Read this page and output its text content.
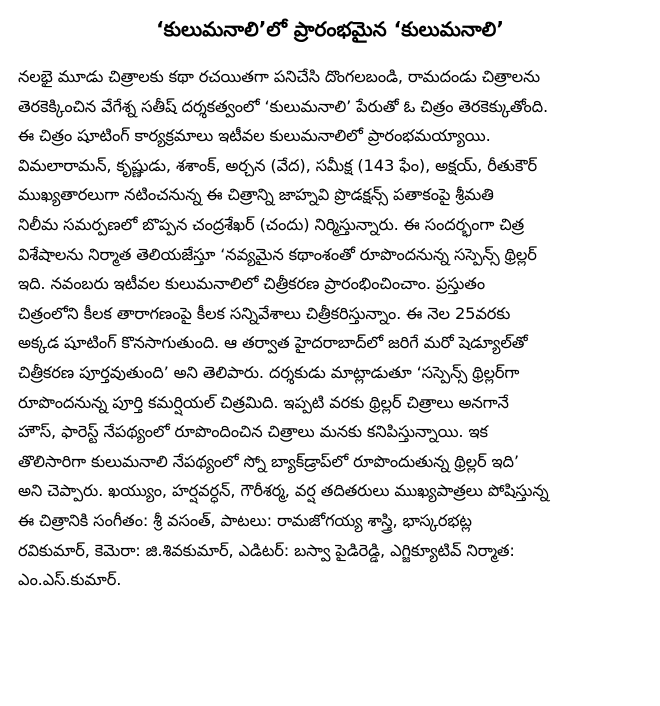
‘కులుమనాలి’లో ప్రారంభమైన ‘కులుమనాలి’
నలభై మూడు చిత్రాలకు కథా రచయితగా పనిచేసి దొంగలబండి, రామదండు చిత్రాలను
తెరకెక్కించిన వేగేశ్న సతీష్ దర్శకత్వంలో ‘కులుమనాలి’ పేరుతో ఓ చిత్రం తెరకెక్కుతోంది.
ఈ చిత్రం షూటింగ్ కార్యక్రమాలు ఇటీవల కులుమనాలిలో ప్రారంభమయ్యాయి.
విమలారామన్, కృష్ణుడు, శశాంక్, అర్చన (వేద), సమీక్ష (143 ఫేం), అక్షయ్, రీతుకౌర్
ముఖ్యతారలుగా నటించనున్న ఈ చిత్రాన్ని జాహ్నవి ప్రొడక్షన్స్ పతాకంపై శ్రీమతి
నిలీమ సమర్పణలో బొప్పన చంద్రశేఖర్ (చందు) నిర్మిస్తున్నారు. ఈ సందర్భంగా చిత్ర
విశేషాలను నిర్మాత తెలియజేస్తూ ‘నవ్యమైన కథాంశంతో రూపొందనున్న సస్పెన్స్ థ్రిల్లర్
ఇది. నవంబరు ఇటీవల కులుమనాలిలో చిత్రీకరణ ప్రారంభించించాం. ప్రస్తుతం
చిత్రంలోని కీలక తారాగణంపై కీలక సన్నివేశాలు చిత్రీకరిస్తున్నాం. ఈ నెల 25వరకు
అక్కడ షూటింగ్ కొనసాగుతుంది. ఆ తర్వాత హైదరాబాద్‌లో జరిగే మరో షెడ్యూల్‌తో
చిత్రీకరణ పూర్తవుతుంది’ అని తెలిపారు. దర్శకుడు మాట్లాడుతూ ‘సస్పెన్స్ థ్రిల్లర్‌గా
రూపొందనున్న పూర్తి కమర్షియల్ చిత్రమిది. ఇప్పటి వరకు థ్రిల్లర్ చిత్రాలు అనగానే
హౌస్, ఫారెస్ట్ నేపథ్యంలో రూపొందించిన చిత్రాలు మనకు కనిపిస్తున్నాయి. ఇక
తొలిసారిగా కులుమనాలి నేపథ్యంలో స్నో బ్యాక్‌డ్రాప్‌లో రూపొందుతున్న థ్రిల్లర్ ఇది’
అని చెప్పారు. ఖయ్యుం, హర్షవర్ధన్, గౌరీశర్మ, వర్ష తదితరులు ముఖ్యపాత్రలు పోషిస్తున్న
ఈ చిత్రానికి సంగీతం: శ్రీ వసంత్, పాటలు: రామజోగయ్య శాస్త్రి, భాస్కరభట్ల
రవికుమార్, కెమెరా: జి.శివకుమార్, ఎడిటర్: బస్వా పైడిరెడ్డి, ఎగ్జిక్యూటివ్ నిర్మాత:
ఎం.ఎస్.కుమార్.
